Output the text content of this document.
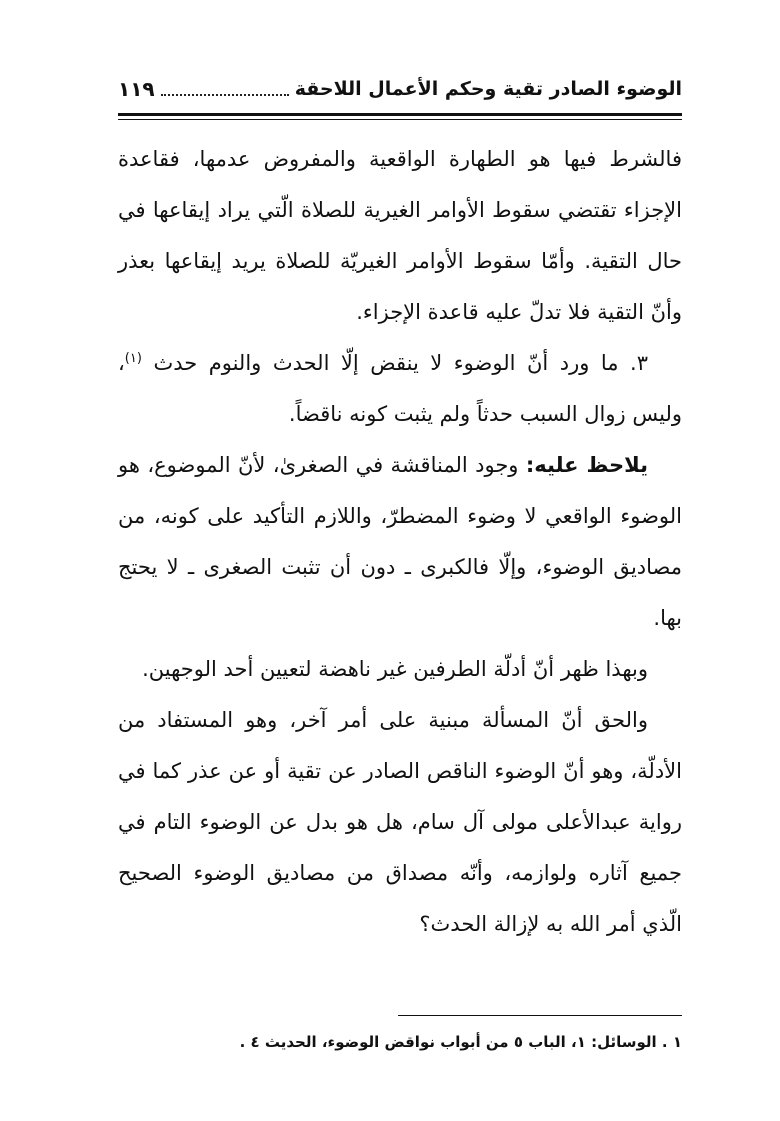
الوضوء الصادر تقية وحكم الأعمال اللاحقة
١١٩

فالشرط فيها هو الطهارة الواقعية والمفروض عدمها، فقاعدة الإجزاء تقتضي سقوط الأوامر الغيرية للصلاة الّتي يراد إيقاعها في حال التقية. وأمّا سقوط الأوامر الغيريّة للصلاة يريد إيقاعها بعذر وأنّ التقية فلا تدلّ عليه قاعدة الإجزاء.

٣. ما ورد أنّ الوضوء لا ينقض إلّا الحدث والنوم حدث $^{(١)}$، وليس زوال السبب حدثاً ولم يثبت كونه ناقضاً.

يلاحظ عليه: وجود المناقشة في الصغرىٰ، لأنّ الموضوع، هو الوضوء الواقعي لا وضوء المضطرّ، واللازم التأكيد على كونه، من مصاديق الوضوء، وإلّا فالكبرى ـ دون أن تثبت الصغرى ـ لا يحتج بها.

وبهذا ظهر أنّ أدلّة الطرفين غير ناهضة لتعيين أحد الوجهين.

والحق أنّ المسألة مبنية على أمر آخر، وهو المستفاد من الأدلّة، وهو أنّ الوضوء الناقص الصادر عن تقية أو عن عذر كما في رواية عبدالأعلى مولى آل سام، هل هو بدل عن الوضوء التام في جميع آثاره ولوازمه، وأنّه مصداق من مصاديق الوضوء الصحيح الّذي أمر الله به لإزالة الحدث؟

١ . الوسائل: ١، الباب ٥ من أبواب نواقض الوضوء، الحديث ٤ .
